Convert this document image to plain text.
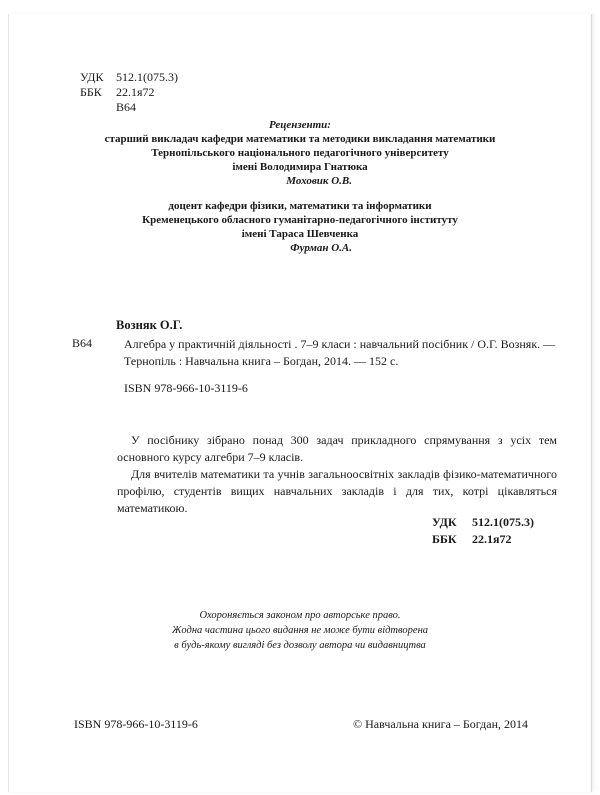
УДК 512.1(075.3)
ББК 22.1я72
В64
Рецензенти:
старший викладач кафедри математики та методики викладання математики
Тернопільського національного педагогічного університету
імені Володимира Гнатюка
Моховик О.В.
доцент кафедри фізики, математики та інформатики
Кременецького обласного гуманітарно-педагогічного інституту
імені Тараса Шевченка
Фурман О.А.
Возняк О.Г.
В64	Алгебра у практичній діяльності . 7–9 класи : навчальний посібник / О.Г. Возняк. — Тернопіль : Навчальна книга – Богдан, 2014. — 152 с.
ISBN 978-966-10-3119-6

У посібнику зібрано понад 300 задач прикладного спрямування з усіх тем основного курсу алгебри 7–9 класів.

Для вчителів математики та учнів загальноосвітніх закладів фізико-математичного профілю, студентів вищих навчальних закладів і для тих, котрі цікавляться математикою.

УДК 512.1(075.3)
ББК 22.1я72
Охороняється законом про авторське право.
Жодна частина цього видання не може бути відтворена
в будь-якому вигляді без дозволу автора чи видавництва
ISBN 978-966-10-3119-6	© Навчальна книга – Богдан, 2014
